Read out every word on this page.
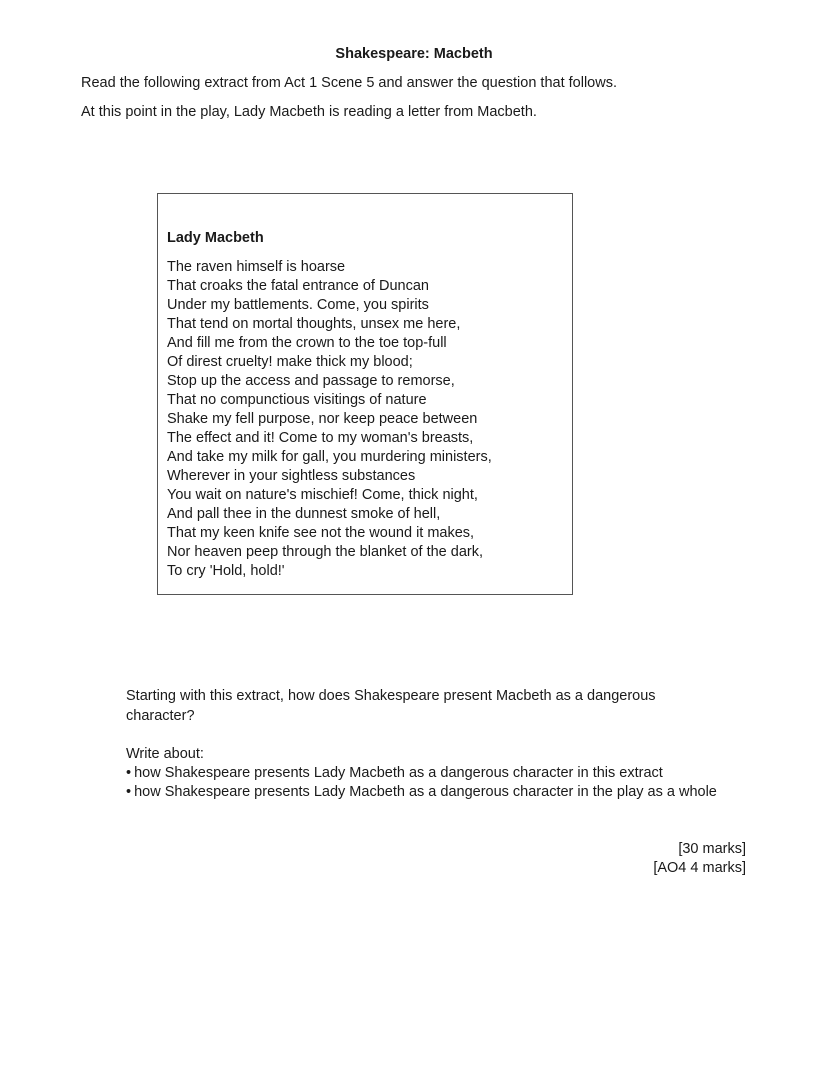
Shakespeare: Macbeth
Read the following extract from Act 1 Scene 5 and answer the question that follows.
At this point in the play, Lady Macbeth is reading a letter from Macbeth.
Lady Macbeth
The raven himself is hoarse
That croaks the fatal entrance of Duncan
Under my battlements. Come, you spirits
That tend on mortal thoughts, unsex me here,
And fill me from the crown to the toe top-full
Of direst cruelty! make thick my blood;
Stop up the access and passage to remorse,
That no compunctious visitings of nature
Shake my fell purpose, nor keep peace between
The effect and it! Come to my woman's breasts,
And take my milk for gall, you murdering ministers,
Wherever in your sightless substances
You wait on nature's mischief! Come, thick night,
And pall thee in the dunnest smoke of hell,
That my keen knife see not the wound it makes,
Nor heaven peep through the blanket of the dark,
To cry 'Hold, hold!'
Starting with this extract, how does Shakespeare present Macbeth as a dangerous character?
Write about:
• how Shakespeare presents Lady Macbeth as a dangerous character in this extract
• how Shakespeare presents Lady Macbeth as a dangerous character in the play as a whole
[30 marks]
[AO4 4 marks]
